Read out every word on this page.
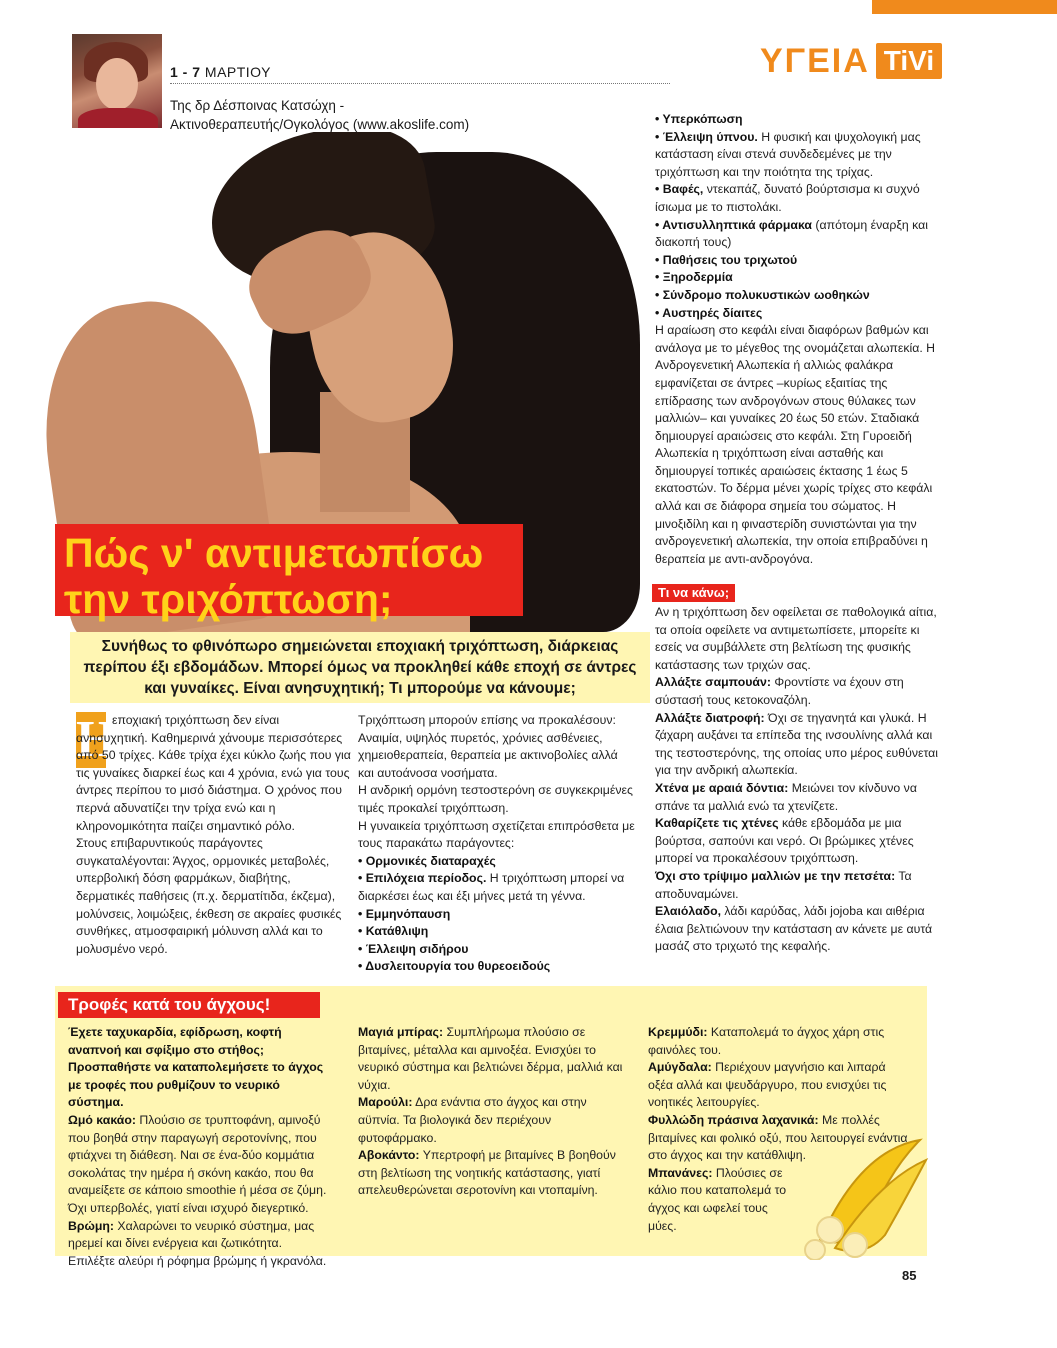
1 - 7 ΜΑΡΤΙΟΥ
Της δρ Δέσποινας Κατσώχη -
Ακτινοθεραπευτής/Ογκολόγος (www.akoslife.com)
ΥΓΕΙΑ TiVi
Πώς ν' αντιμετωπίσω
την τριχόπτωση;
Συνήθως το φθινόπωρο σημειώνεται εποχιακή τριχόπτωση, διάρκειας περίπου έξι εβδομάδων. Μπορεί όμως να προκληθεί κάθε εποχή σε άντρες και γυναίκες. Είναι ανησυχητική; Τι μπορούμε να κάνουμε;
Η

εποχιακή τριχόπτωση δεν είναι ανησυχητική. Καθημερινά χάνουμε περισσότερες από 50 τρίχες. Κάθε τρίχα έχει κύκλο ζωής που για τις γυναίκες διαρκεί έως και 4 χρόνια, ενώ για τους άντρες περίπου το μισό διάστημα. Ο χρόνος που περνά αδυνατίζει την τρίχα ενώ και η κληρονομικότητα παίζει σημαντικό ρόλο.

Στους επιβαρυντικούς παράγοντες συγκαταλέγονται: Άγχος, ορμονικές μεταβολές, υπερβολική δόση φαρμάκων, διαβήτης, δερματικές παθήσεις (π.χ. δερματίτιδα, έκζεμα), μολύνσεις, λοιμώξεις, έκθεση σε ακραίες φυσικές συνθήκες, ατμοσφαιρική μόλυνση αλλά και το μολυσμένο νερό.

Τριχόπτωση μπορούν επίσης να προκαλέσουν: Αναιμία, υψηλός πυρετός, χρόνιες ασθένειες, χημειοθεραπεία, θεραπεία με ακτινοβολίες αλλά και αυτοάνοσα νοσήματα.

Η ανδρική ορμόνη τεστοστερόνη σε συγκεκριμένες τιμές προκαλεί τριχόπτωση.

Η γυναικεία τριχόπτωση σχετίζεται επιπρόσθετα με τους παρακάτω παράγοντες:

• Ορμονικές διαταραχές

• Επιλόχεια περίοδος. Η τριχόπτωση μπορεί να διαρκέσει έως και έξι μήνες μετά τη γέννα.

• Εμμηνόπαυση

• Κατάθλιψη

• Έλλειψη σιδήρου

• Δυσλειτουργία του θυρεοειδούς

• Υπερκόπωση

• Έλλειψη ύπνου. Η φυσική και ψυχολογική μας κατάσταση είναι στενά συνδεδεμένες με την τριχόπτωση και την ποιότητα της τρίχας.

• Βαφές, ντεκαπάζ, δυνατό βούρτσισμα κι συχνό ίσιωμα με το πιστολάκι.

• Αντισυλληπτικά φάρμακα (απότομη έναρξη και διακοπή τους)

• Παθήσεις του τριχωτού

• Ξηροδερμία

• Σύνδρομο πολυκυστικών ωοθηκών

• Αυστηρές δίαιτες

Η αραίωση στο κεφάλι είναι διαφόρων βαθμών και ανάλογα με το μέγεθος της ονομάζεται αλωπεκία. Η Ανδρογενετική Αλωπεκία ή αλλιώς φαλάκρα εμφανίζεται σε άντρες –κυρίως εξαιτίας της επίδρασης των ανδρογόνων στους θύλακες των μαλλιών– και γυναίκες 20 έως 50 ετών. Σταδιακά δημιουργεί αραιώσεις στο κεφάλι. Στη Γυροειδή Αλωπεκία η τριχόπτωση είναι ασταθής και δημιουργεί τοπικές αραιώσεις έκτασης 1 έως 5 εκατοστών. Το δέρμα μένει χωρίς τρίχες στο κεφάλι αλλά και σε διάφορα σημεία του σώματος. Η μινοξιδίλη και η φιναστερίδη συνιστώνται για την ανδρογενετική αλωπεκία, την οποία επιβραδύνει η θεραπεία με αντι-ανδρογόνα.

Τι να κάνω;

Αν η τριχόπτωση δεν οφείλεται σε παθολογικά αίτια, τα οποία οφείλετε να αντιμετωπίσετε, μπορείτε κι εσείς να συμβάλλετε στη βελτίωση της φυσικής κατάστασης των τριχών σας.

Αλλάξτε σαμπουάν: Φροντίστε να έχουν στη σύστασή τους κετοκοναζόλη.

Αλλάξτε διατροφή: Όχι σε τηγανητά και γλυκά. Η ζάχαρη αυξάνει τα επίπεδα της ινσουλίνης αλλά και της τεστοστερόνης, της οποίας υπο μέρος ευθύνεται για την ανδρική αλωπεκία.

Χτένα με αραιά δόντια: Μειώνει τον κίνδυνο να σπάνε τα μαλλιά ενώ τα χτενίζετε.

Καθαρίζετε τις χτένες κάθε εβδομάδα με μια βούρτσα, σαπούνι και νερό. Οι βρώμικες χτένες μπορεί να προκαλέσουν τριχόπτωση.

Όχι στο τρίψιμο μαλλιών με την πετσέτα: Τα αποδυναμώνει.

Ελαιόλαδο, λάδι καρύδας, λάδι jojoba και αιθέρια έλαια βελτιώνουν την κατάσταση αν κάνετε με αυτά μασάζ στο τριχωτό της κεφαλής.

Τροφές κατά του άγχους!

Έχετε ταχυκαρδία, εφίδρωση, κοφτή αναπνοή και σφίξιμο στο στήθος; Προσπαθήστε να καταπολεμήσετε το άγχος με τροφές που ρυθμίζουν το νευρικό σύστημα.

Ωμό κακάο: Πλούσιο σε τρυπτοφάνη, αμινοξύ που βοηθά στην παραγωγή σεροτονίνης, που φτιάχνει τη διάθεση. Ναι σε ένα-δύο κομμάτια σοκολάτας την ημέρα ή σκόνη κακάο, που θα αναμείξετε σε κάποιο smoothie ή μέσα σε ζύμη. Όχι υπερβολές, γιατί είναι ισχυρό διεγερτικό.

Βρώμη: Χαλαρώνει το νευρικό σύστημα, μας ηρεμεί και δίνει ενέργεια και ζωτικότητα. Επιλέξτε αλεύρι ή ρόφημα βρώμης ή γκρανόλα.

Μαγιά μπίρας: Συμπλήρωμα πλούσιο σε βιταμίνες, μέταλλα και αμινοξέα. Ενισχύει το νευρικό σύστημα και βελτιώνει δέρμα, μαλλιά και νύχια.

Μαρούλι: Δρα ενάντια στο άγχος και στην αϋπνία. Τα βιολογικά δεν περιέχουν φυτοφάρμακο.

Αβοκάντο: Υπερτροφή με βιταμίνες Β βοηθούν στη βελτίωση της νοητικής κατάστασης, γιατί απελευθερώνεται σεροτονίνη και ντοπαμίνη.

Κρεμμύδι: Καταπολεμά το άγχος χάρη στις φαινόλες του.

Αμύγδαλα: Περιέχουν μαγνήσιο και λιπαρά οξέα αλλά και ψευδάργυρο, που ενισχύει τις νοητικές λειτουργίες.

Φυλλώδη πράσινα λαχανικά: Με πολλές βιταμίνες και φολικό οξύ, που λειτουργεί ενάντια στο άγχος και την κατάθλιψη.

Μπανάνες: Πλούσιες σε κάλιο που καταπολεμά το άγχος και ωφελεί τους μύες.

85
